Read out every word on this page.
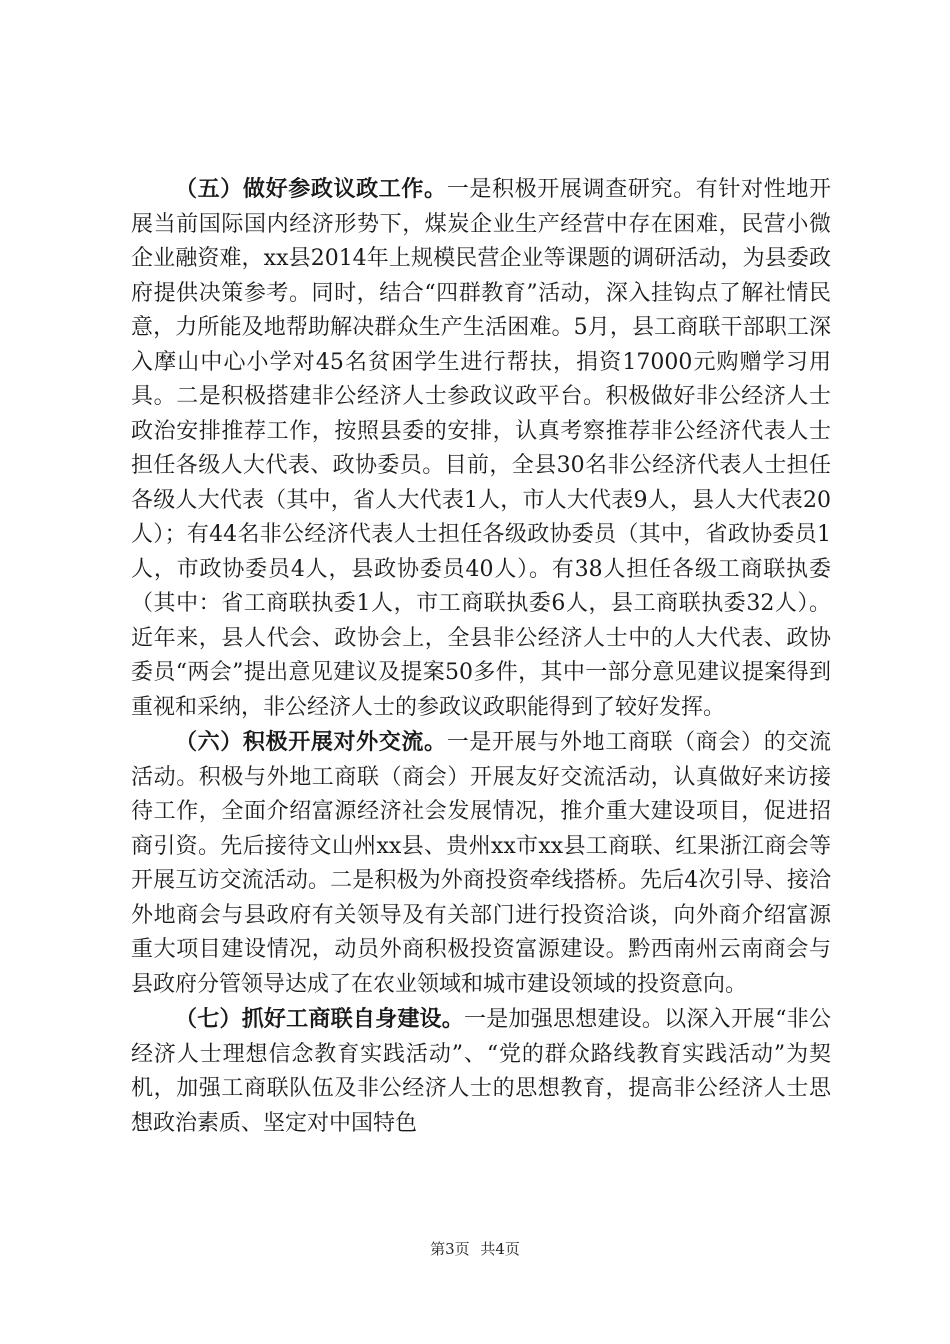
（五）做好参政议政工作。一是积极开展调查研究。有针对性地开展当前国际国内经济形势下，煤炭企业生产经营中存在困难，民营小微企业融资难，xx县2014年上规模民营企业等课题的调研活动，为县委政府提供决策参考。同时，结合“四群教育”活动，深入挂钩点了解社情民意，力所能及地帮助解决群众生产生活困难。5月，县工商联干部职工深入摩山中心小学对45名贫困学生进行帮扶，捐资17000元购赠学习用具。二是积极搭建非公经济人士参政议政平台。积极做好非公经济人士政治安排推荐工作，按照县委的安排，认真考察推荐非公经济代表人士担任各级人大代表、政协委员。目前，全县30名非公经济代表人士担任各级人大代表（其中，省人大代表1人，市人大代表9人，县人大代表20人）；有44名非公经济代表人士担任各级政协委员（其中，省政协委员1人，市政协委员4人，县政协委员40人）。有38人担任各级工商联执委（其中：省工商联执委1人，市工商联执委6人，县工商联执委32人）。近年来，县人代会、政协会上，全县非公经济人士中的人大代表、政协委员“两会”提出意见建议及提案50多件，其中一部分意见建议提案得到重视和采纳，非公经济人士的参政议政职能得到了较好发挥。

（六）积极开展对外交流。一是开展与外地工商联（商会）的交流活动。积极与外地工商联（商会）开展友好交流活动，认真做好来访接待工作，全面介绍富源经济社会发展情况，推介重大建设项目，促进招商引资。先后接待文山州xx县、贵州xx市xx县工商联、红果浙江商会等开展互访交流活动。二是积极为外商投资牵线搭桥。先后4次引导、接洽外地商会与县政府有关领导及有关部门进行投资洽谈，向外商介绍富源重大项目建设情况，动员外商积极投资富源建设。黔西南州云南商会与县政府分管领导达成了在农业领域和城市建设领域的投资意向。

（七）抓好工商联自身建设。一是加强思想建设。以深入开展“非公经济人士理想信念教育实践活动”、“党的群众路线教育实践活动”为契机，加强工商联队伍及非公经济人士的思想教育，提高非公经济人士思想政治素质、坚定对中国特色

第3页 共4页
